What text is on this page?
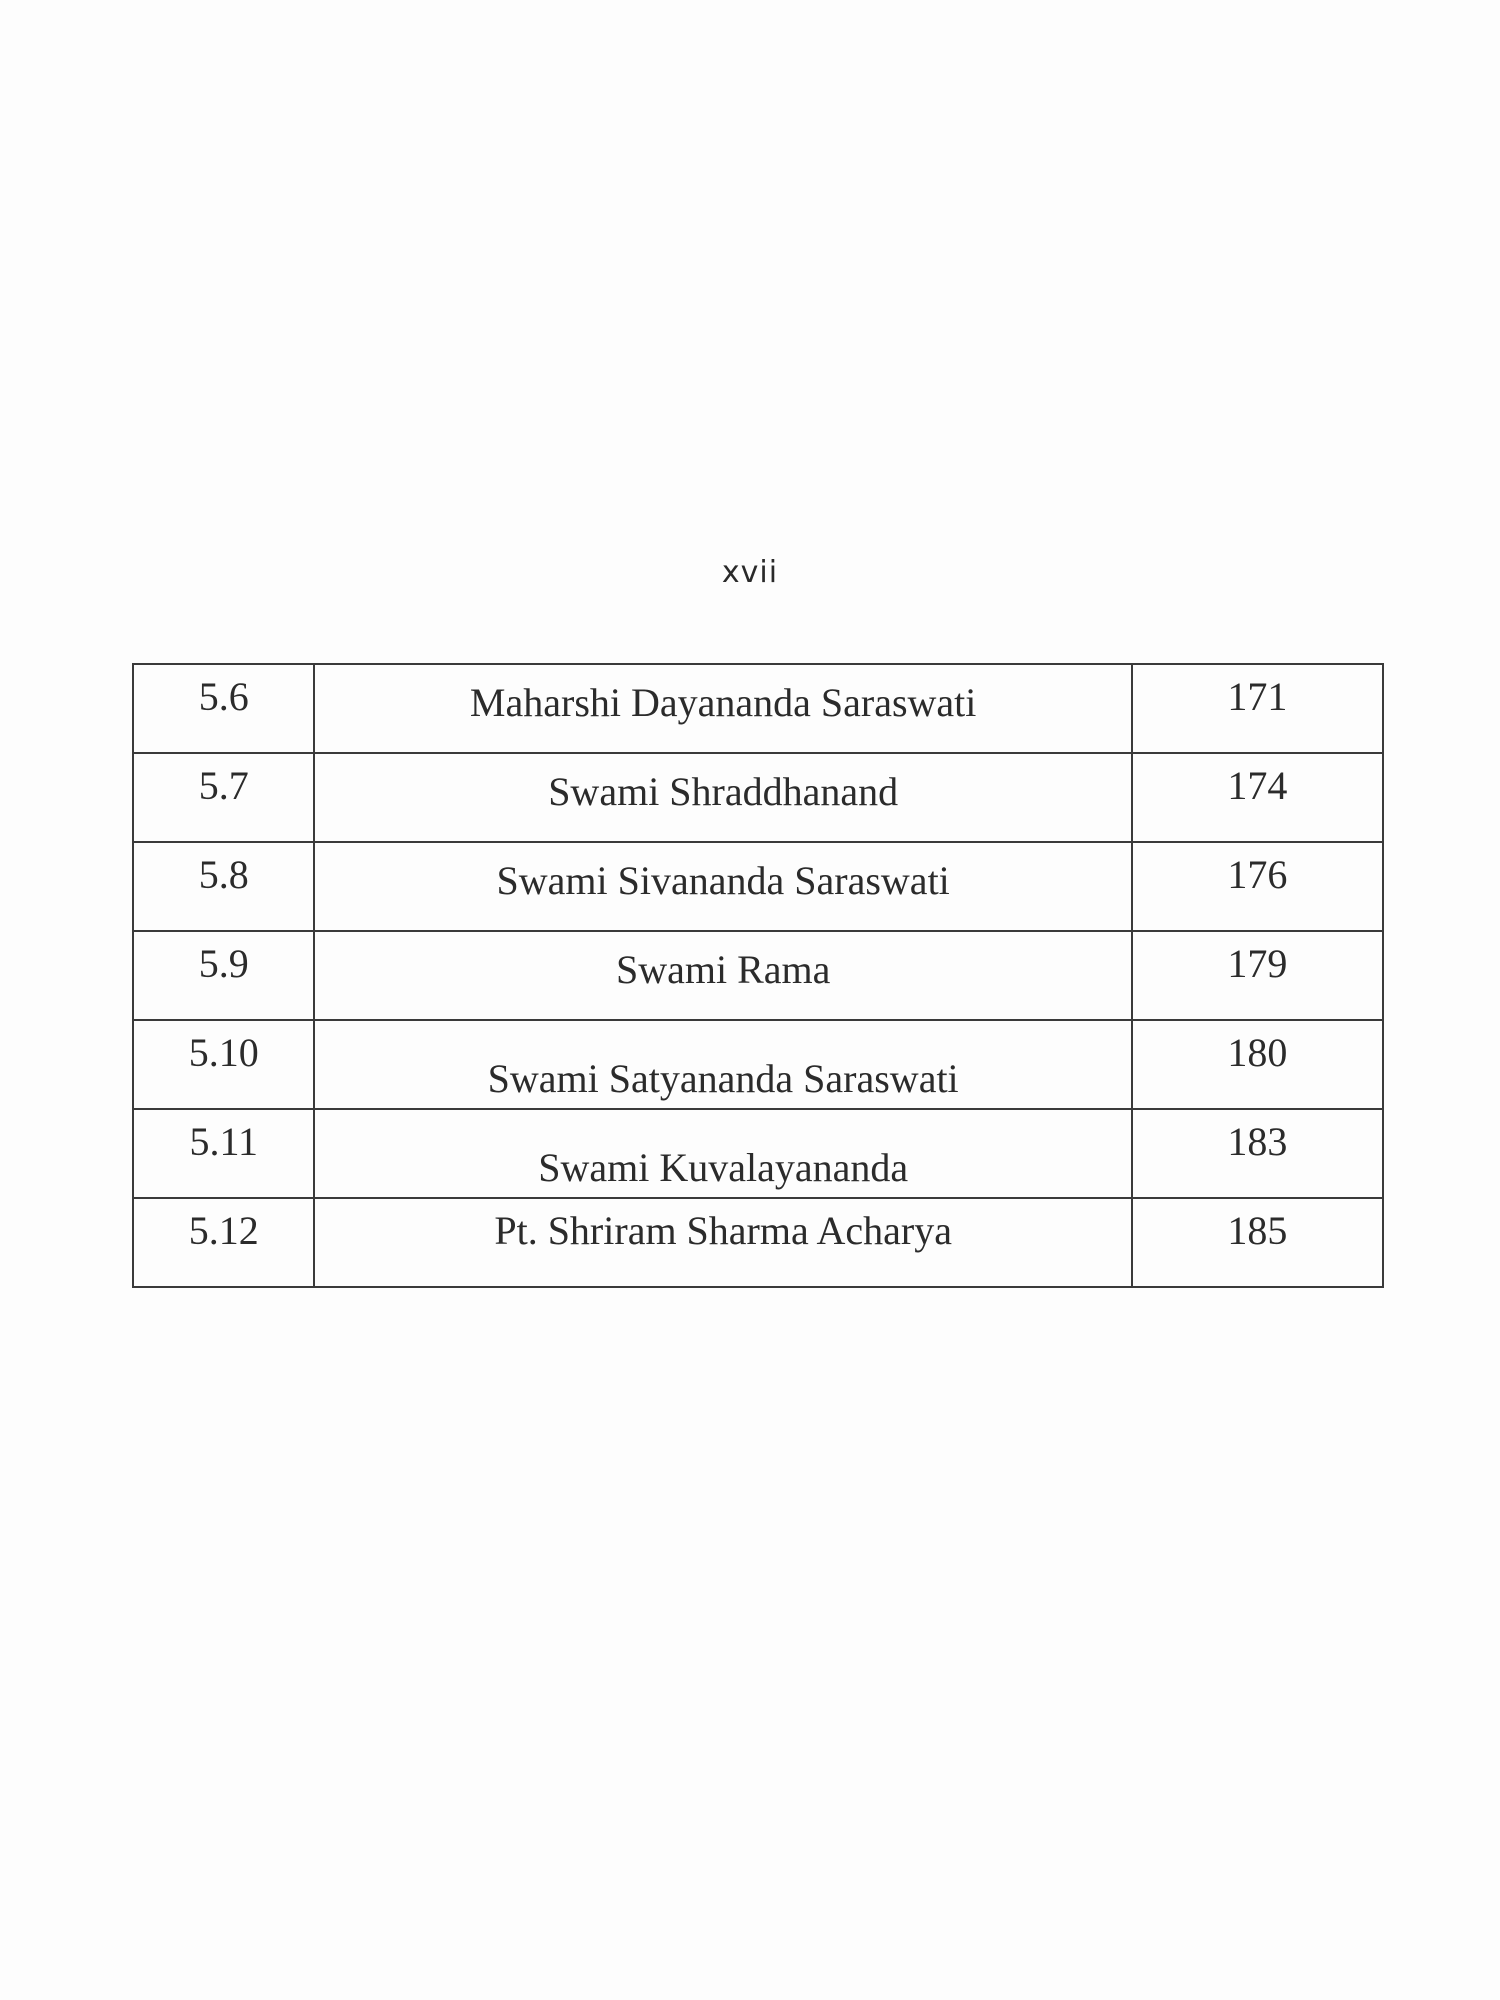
xvii
5.6	Maharshi Dayananda Saraswati	171

5.7	Swami Shraddhanand	174

5.8	Swami Sivananda Saraswati	176

5.9	Swami Rama	179

5.10	Swami Satyananda Saraswati	180

5.11	Swami Kuvalayananda	183

5.12	Pt. Shriram Sharma Acharya	185
